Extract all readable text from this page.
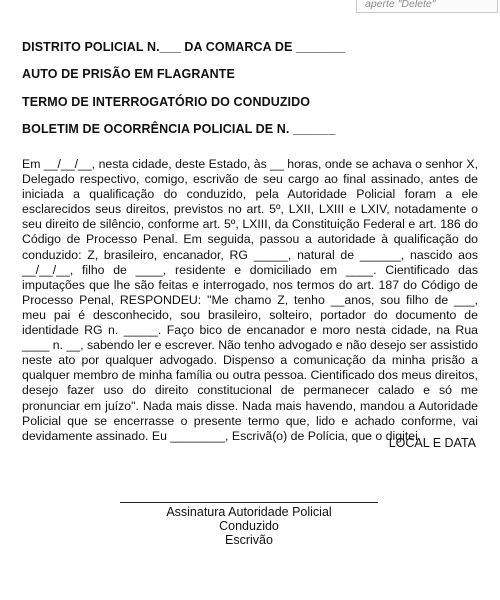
aperte "Delete"
DISTRITO POLICIAL N.___ DA COMARCA DE _______
AUTO DE PRISÃO EM FLAGRANTE
TERMO DE INTERROGATÓRIO DO CONDUZIDO
BOLETIM DE OCORRÊNCIA POLICIAL DE N. ______
Em __/__/__, nesta cidade, deste Estado, às __ horas, onde se achava o senhor X, Delegado respectivo, comigo, escrivão de seu cargo ao final assinado, antes de iniciada a qualificação do conduzido, pela Autoridade Policial foram a ele esclarecidos seus direitos, previstos no art. 5º, LXII, LXIII e LXIV, notadamente o seu direito de silêncio, conforme art. 5º, LXIII, da Constituição Federal e art. 186 do Código de Processo Penal. Em seguida, passou a autoridade à qualificação do conduzido: Z, brasileiro, encanador, RG _____, natural de ______, nascido aos __/__/__, filho de ____, residente e domiciliado em ____. Cientificado das imputações que lhe são feitas e interrogado, nos termos do art. 187 do Código de Processo Penal, RESPONDEU: "Me chamo Z, tenho __anos, sou filho de ___, meu pai é desconhecido, sou brasileiro, solteiro, portador do documento de identidade RG n. _____. Faço bico de encanador e moro nesta cidade, na Rua ____ n. __, sabendo ler e escrever. Não tenho advogado e não desejo ser assistido neste ato por qualquer advogado. Dispenso a comunicação da minha prisão a qualquer membro de minha família ou outra pessoa. Cientificado dos meus direitos, desejo fazer uso do direito constitucional de permanecer calado e só me pronunciar em juízo". Nada mais disse. Nada mais havendo, mandou a Autoridade Policial que se encerrasse o presente termo que, lido e achado conforme, vai devidamente assinado. Eu ________, Escrivã(o) de Polícia, que o digitei.
LOCAL E DATA
Assinatura Autoridade Policial
Conduzido
Escrivão
